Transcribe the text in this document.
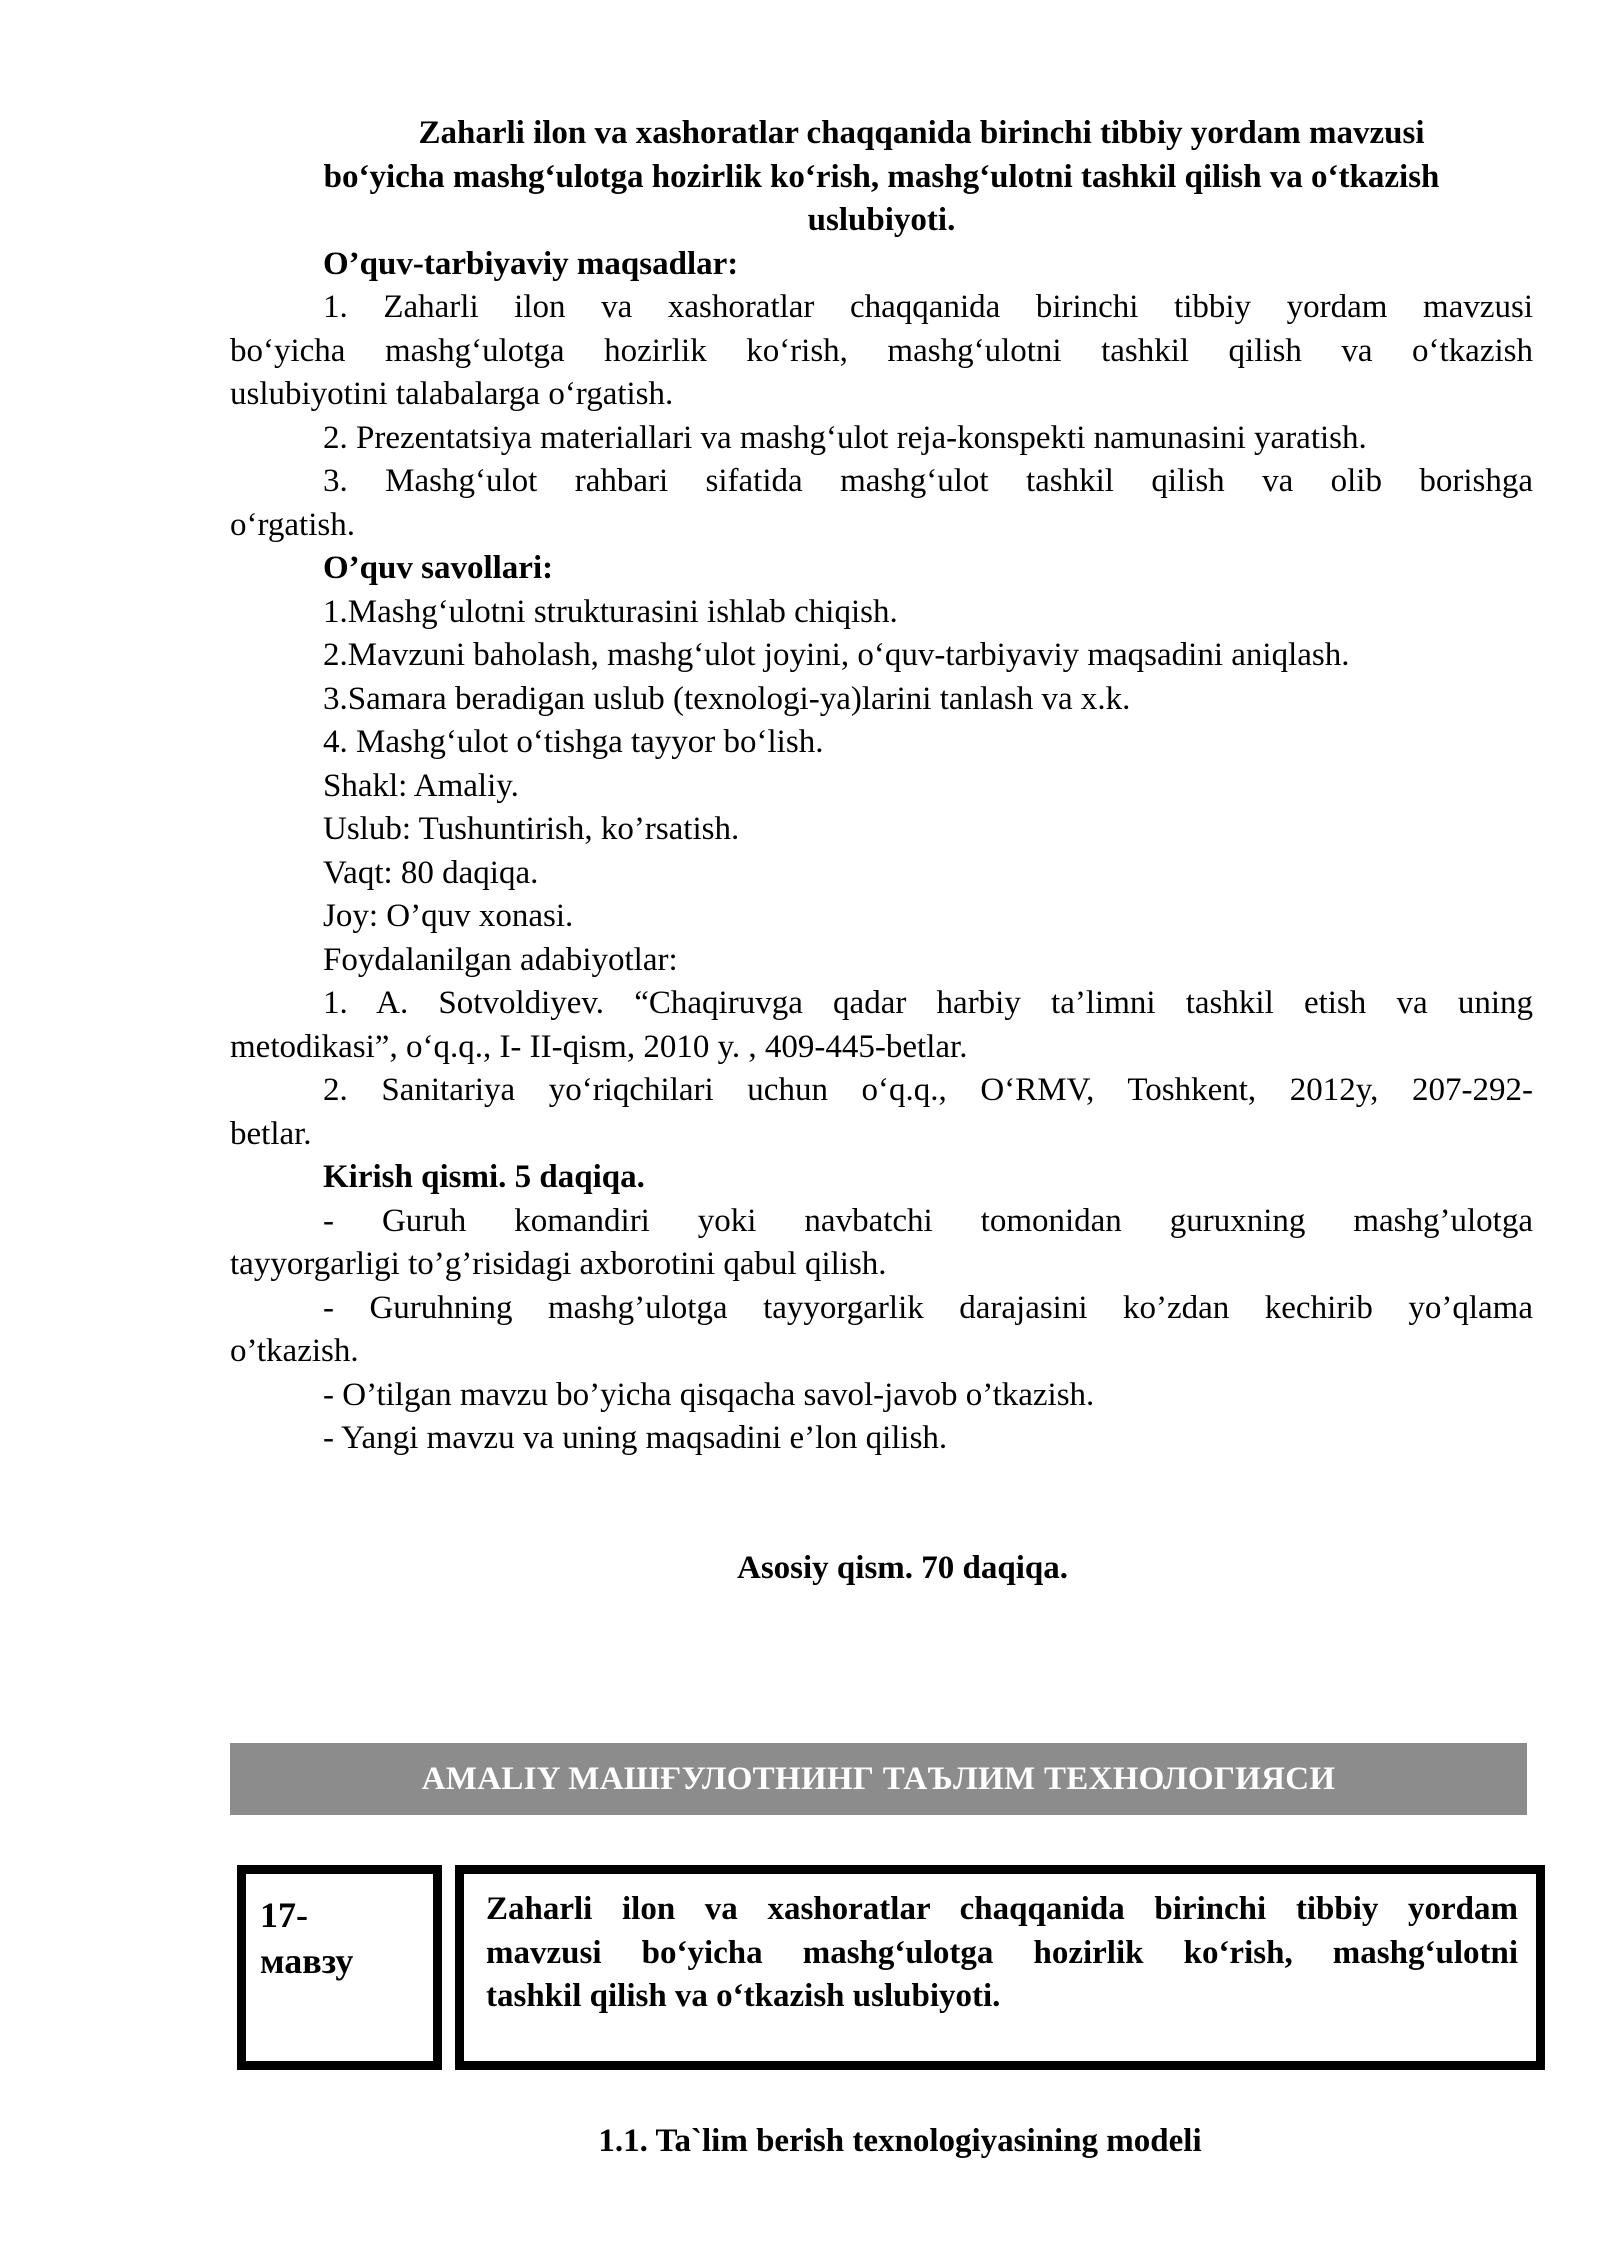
Zaharli ilon va xashoratlar chaqqanida birinchi tibbiy yordam mavzusi
bo‘yicha mashg‘ulotga hozirlik ko‘rish, mashg‘ulotni tashkil qilish va o‘tkazish
uslubiyoti.

O’quv-tarbiyaviy maqsadlar:

1. Zaharli ilon va xashoratlar chaqqanida birinchi tibbiy yordam mavzusi

bo‘yicha mashg‘ulotga hozirlik ko‘rish, mashg‘ulotni tashkil qilish va o‘tkazish

uslubiyotini talabalarga o‘rgatish.

2. Prezentatsiya materiallari va mashg‘ulot reja-konspekti namunasini yaratish.

3. Mashg‘ulot rahbari sifatida mashg‘ulot tashkil qilish va olib borishga

o‘rgatish.

O’quv savollari:

1.Mashg‘ulotni strukturasini ishlab chiqish.

2.Mavzuni baholash, mashg‘ulot joyini, o‘quv-tarbiyaviy maqsadini aniqlash.

3.Samara beradigan uslub (texnologi-ya)larini tanlash va x.k.

4. Mashg‘ulot o‘tishga tayyor bo‘lish.

Shakl: Amaliy.

Uslub: Tushuntirish, ko’rsatish.

Vaqt: 80 daqiqa.

Joy: O’quv xonasi.

Foydalanilgan adabiyotlar:

1. A. Sotvoldiyev. “Chaqiruvga qadar harbiy ta’limni tashkil etish va uning

metodikasi”, o‘q.q., I- II-qism, 2010 y. , 409-445-betlar.

2. Sanitariya yo‘riqchilari uchun o‘q.q., O‘RMV, Toshkent, 2012y, 207-292-

betlar.

Kirish qismi. 5 daqiqa.

- Guruh komandiri yoki navbatchi tomonidan guruxning mashg’ulotga

tayyorgarligi to’g’risidagi axborotini qabul qilish.

- Guruhning mashg’ulotga tayyorgarlik darajasini ko’zdan kechirib yo’qlama

o’tkazish.

- O’tilgan mavzu bo’yicha qisqacha savol-javob o’tkazish.

- Yangi mavzu va uning maqsadini e’lon qilish.

Asosiy qism. 70 daqiqa.
AMALIY МАШҒУЛОТНИНГ ТАЪЛИМ ТЕХНОЛОГИЯСИ
17-
мавзу
Zaharli ilon va xashoratlar chaqqanida birinchi tibbiy yordam
mavzusi bo‘yicha mashg‘ulotga hozirlik ko‘rish, mashg‘ulotni
tashkil qilish va o‘tkazish uslubiyoti.
1.1. Ta`lim berish texnologiyasining modeli
